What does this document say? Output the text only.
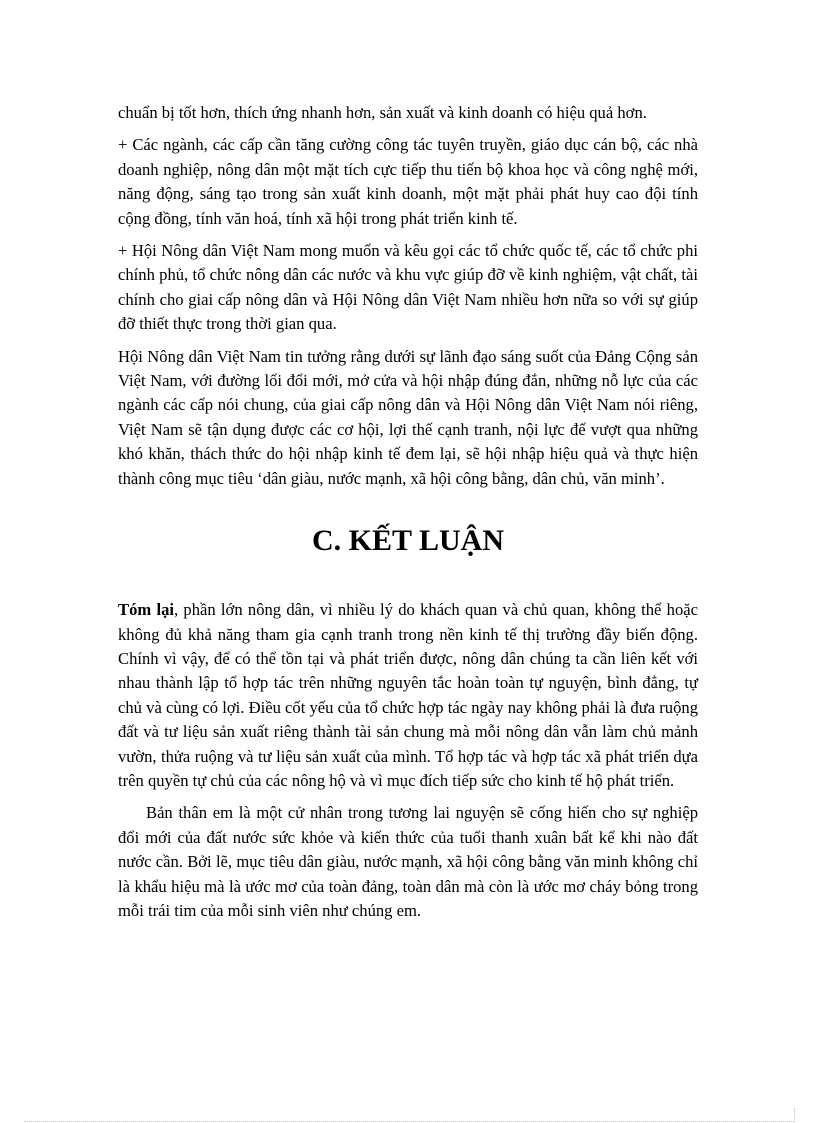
chuẩn bị tốt hơn, thích ứng nhanh hơn, sản xuất và kinh doanh có hiệu quả hơn.

+ Các ngành, các cấp cần tăng cường công tác tuyên truyền, giáo dục cán bộ, các nhà doanh nghiệp, nông dân một mặt tích cực tiếp thu tiến bộ khoa học và công nghệ mới, năng động, sáng tạo trong sản xuất kinh doanh, một mặt phải phát huy cao đội tính cộng đồng, tính văn hoá, tính xã hội trong phát triển kinh tế.

+ Hội Nông dân Việt Nam mong muốn và kêu gọi các tổ chức quốc tế, các tổ chức phi chính phủ, tổ chức nông dân các nước và khu vực giúp đỡ về kinh nghiệm, vật chất, tài chính cho giai cấp nông dân và Hội Nông dân Việt Nam nhiều hơn nữa so với sự giúp đỡ thiết thực trong thời gian qua.

Hội Nông dân Việt Nam tin tưởng rằng dưới sự lãnh đạo sáng suốt của Đảng Cộng sản Việt Nam, với đường lối đổi mới, mở cửa và hội nhập đúng đắn, những nỗ lực của các ngành các cấp nói chung, của giai cấp nông dân và Hội Nông dân Việt Nam nói riêng, Việt Nam sẽ tận dụng được các cơ hội, lợi thế cạnh tranh, nội lực để vượt qua những khó khăn, thách thức do hội nhập kinh tế đem lại, sẽ hội nhập hiệu quả và thực hiện thành công mục tiêu ‘dân giàu, nước mạnh, xã hội công bằng, dân chủ, văn minh’.

C. KẾT LUẬN

Tóm lại, phần lớn nông dân, vì nhiều lý do khách quan và chủ quan, không thể hoặc không đủ khả năng tham gia cạnh tranh trong nền kinh tế thị trường đầy biến động. Chính vì vậy, để có thể tồn tại và phát triển được, nông dân chúng ta cần liên kết với nhau thành lập tổ hợp tác trên những nguyên tắc hoàn toàn tự nguyện, bình đẳng, tự chủ và cùng có lợi. Điều cốt yếu của tổ chức hợp tác ngày nay không phải là đưa ruộng đất và tư liệu sản xuất riêng thành tài sản chung mà mỗi nông dân vẫn làm chủ mảnh vườn, thửa ruộng và tư liệu sản xuất của mình. Tổ hợp tác và hợp tác xã phát triển dựa trên quyền tự chủ của các nông hộ và vì mục đích tiếp sức cho kinh tế hộ phát triển.

Bản thân em là một cử nhân trong tương lai nguyện sẽ cống hiến cho sự nghiệp đổi mới của đất nước sức khỏe và kiến thức của tuổi thanh xuân bất kể khi nào đất nước cần. Bởi lẽ, mục tiêu dân giàu, nước mạnh, xã hội công bằng văn minh không chỉ là khẩu hiệu mà là ước mơ của toàn đảng, toàn dân mà còn là ước mơ cháy bỏng trong mỗi trái tim của mỗi sinh viên như chúng em.
